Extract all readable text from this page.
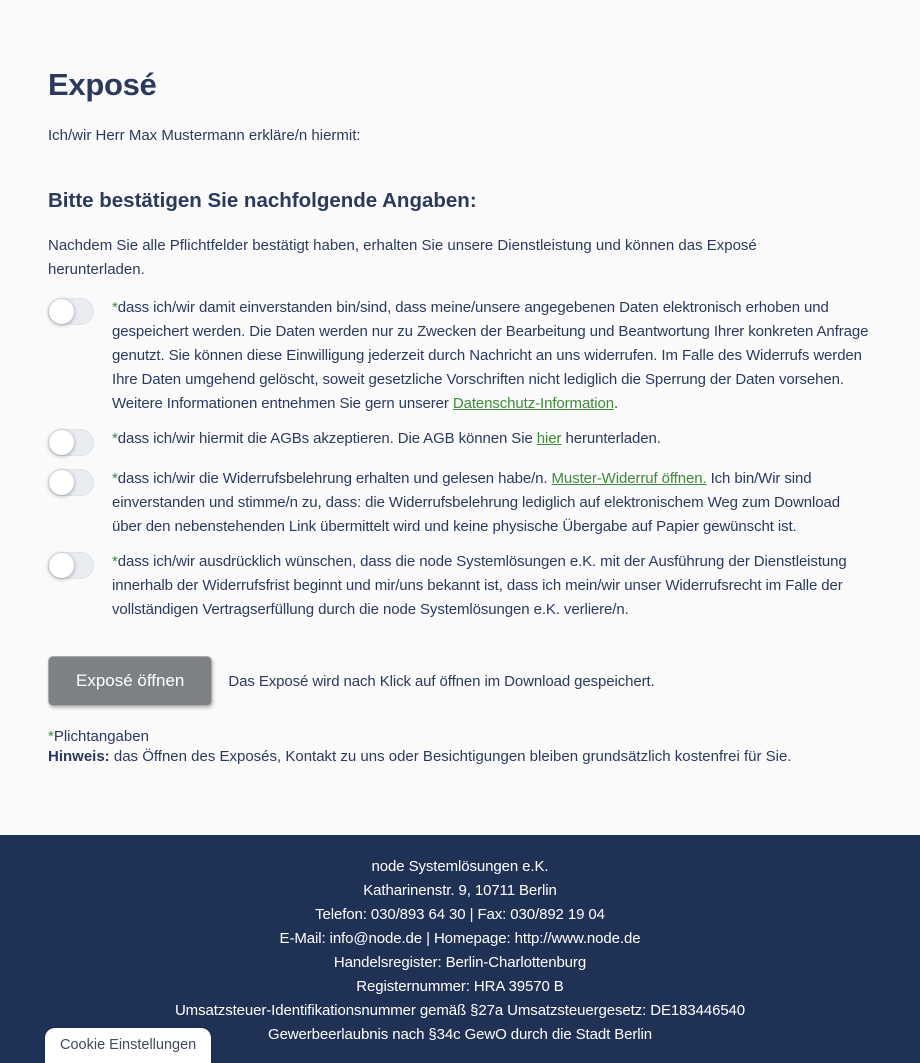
Exposé

Ich/wir Herr Max Mustermann erkläre/n hiermit:

Bitte bestätigen Sie nachfolgende Angaben:

Nachdem Sie alle Pflichtfelder bestätigt haben, erhalten Sie unsere Dienstleistung und können das Exposé herunterladen.

*dass ich/wir damit einverstanden bin/sind, dass meine/unsere angegebenen Daten elektronisch erhoben und gespeichert werden. Die Daten werden nur zu Zwecken der Bearbeitung und Beantwortung Ihrer konkreten Anfrage genutzt. Sie können diese Einwilligung jederzeit durch Nachricht an uns widerrufen. Im Falle des Widerrufs werden Ihre Daten umgehend gelöscht, soweit gesetzliche Vorschriften nicht lediglich die Sperrung der Daten vorsehen. Weitere Informationen entnehmen Sie gern unserer Datenschutz-Information.

*dass ich/wir hiermit die AGBs akzeptieren. Die AGB können Sie hier herunterladen.

*dass ich/wir die Widerrufsbelehrung erhalten und gelesen habe/n. Muster-Widerruf öffnen. Ich bin/Wir sind einverstanden und stimme/n zu, dass: die Widerrufsbelehrung lediglich auf elektronischem Weg zum Download über den nebenstehenden Link übermittelt wird und keine physische Übergabe auf Papier gewünscht ist.

*dass ich/wir ausdrücklich wünschen, dass die node Systemlösungen e.K. mit der Ausführung der Dienstleistung innerhalb der Widerrufsfrist beginnt und mir/uns bekannt ist, dass ich mein/wir unser Widerrufsrecht im Falle der vollständigen Vertragserfüllung durch die node Systemlösungen e.K. verliere/n.

Exposé öffnen	Das Exposé wird nach Klick auf öffnen im Download gespeichert.

*Plichtangaben

Hinweis: das Öffnen des Exposés, Kontakt zu uns oder Besichtigungen bleiben grundsätzlich kostenfrei für Sie.

node Systemlösungen e.K.

Katharinenstr. 9, 10711 Berlin

Telefon: 030/893 64 30 | Fax: 030/892 19 04

E-Mail: info@node.de | Homepage: http://www.node.de

Handelsregister: Berlin-Charlottenburg

Registernummer: HRA 39570 B

Umsatzsteuer-Identifikationsnummer gemäß §27a Umsatzsteuergesetz: DE183446540

Gewerbeerlaubnis nach §34c GewO durch die Stadt Berlin

Cookie Einstellungen
